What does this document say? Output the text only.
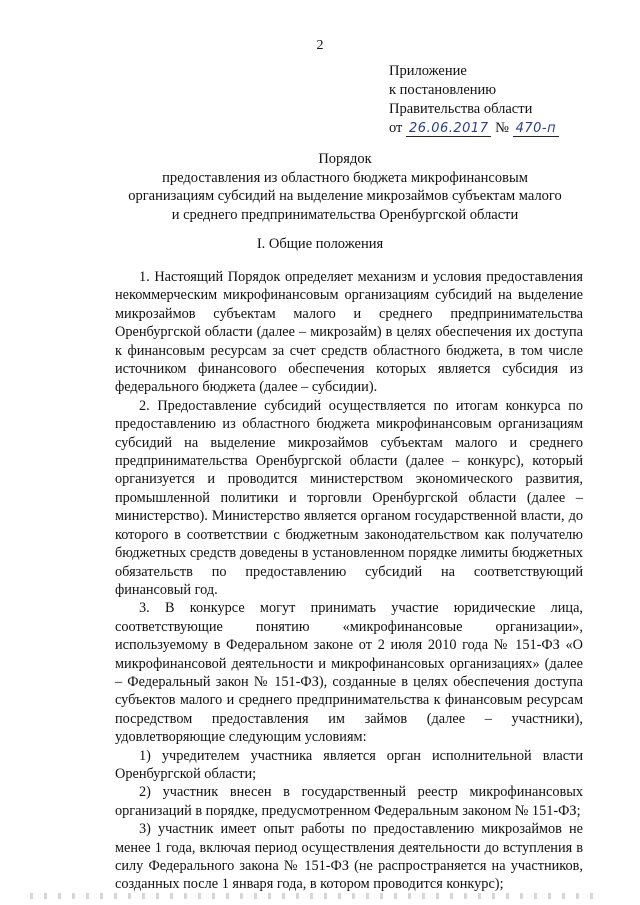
2
Приложение
к постановлению
Правительства области
от 26.06.2017 № 470-п
Порядок
предоставления из областного бюджета микрофинансовым
организациям субсидий на выделение микрозаймов субъектам малого
и среднего предпринимательства Оренбургской области
I. Общие положения

1. Настоящий Порядок определяет механизм и условия предоставления некоммерческим микрофинансовым организациям субсидий на выделение микрозаймов субъектам малого и среднего предпринимательства Оренбургской области (далее – микрозайм) в целях обеспечения их доступа к финансовым ресурсам за счет средств областного бюджета, в том числе источником финансового обеспечения которых является субсидия из федерального бюджета (далее – субсидии).

2. Предоставление субсидий осуществляется по итогам конкурса по предоставлению из областного бюджета микрофинансовым организациям субсидий на выделение микрозаймов субъектам малого и среднего предпринимательства Оренбургской области (далее – конкурс), который организуется и проводится министерством экономического развития, промышленной политики и торговли Оренбургской области (далее – министерство). Министерство является органом государственной власти, до которого в соответствии с бюджетным законодательством как получателю бюджетных средств доведены в установленном порядке лимиты бюджетных обязательств по предоставлению субсидий на соответствующий финансовый год.

3. В конкурсе могут принимать участие юридические лица, соответствующие понятию «микрофинансовые организации», используемому в Федеральном законе от 2 июля 2010 года № 151-ФЗ «О микрофинансовой деятельности и микрофинансовых организациях» (далее – Федеральный закон № 151-ФЗ), созданные в целях обеспечения доступа субъектов малого и среднего предпринимательства к финансовым ресурсам посредством предоставления им займов (далее – участники), удовлетворяющие следующим условиям:

1) учредителем участника является орган исполнительной власти Оренбургской области;

2) участник внесен в государственный реестр микрофинансовых организаций в порядке, предусмотренном Федеральным законом № 151-ФЗ;

3) участник имеет опыт работы по предоставлению микрозаймов не менее 1 года, включая период осуществления деятельности до вступления в силу Федерального закона № 151-ФЗ (не распространяется на участников, созданных после 1 января года, в котором проводится конкурс);
